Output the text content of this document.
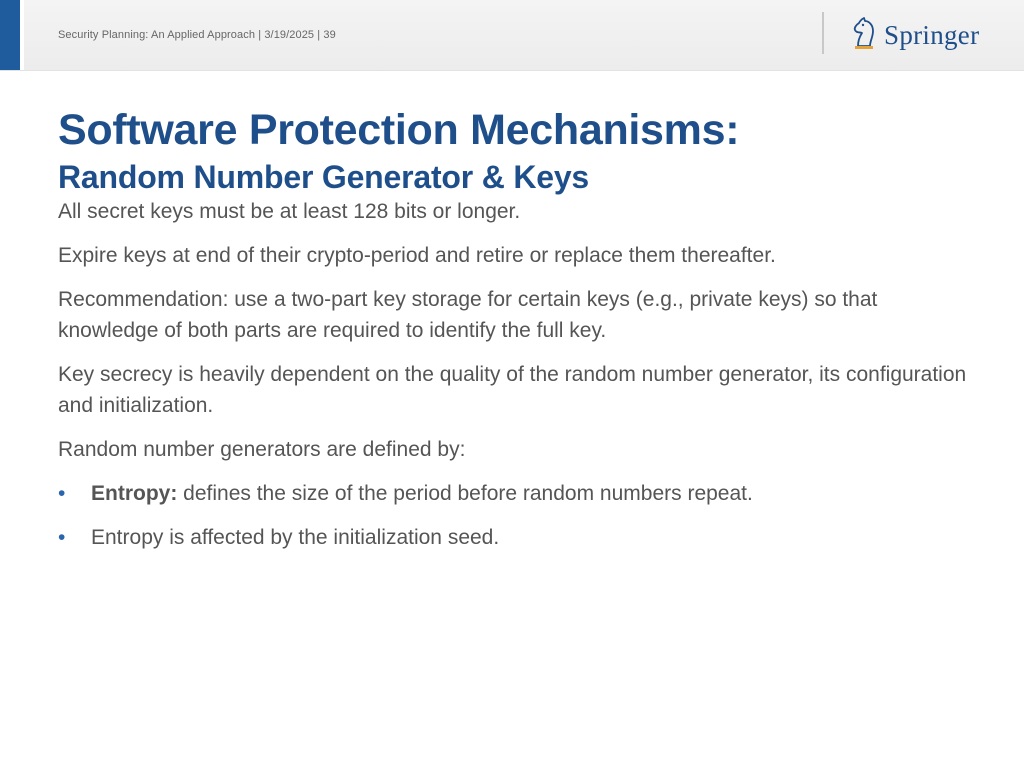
Security Planning: An Applied Approach | 3/19/2025 | 39	Springer
Software Protection Mechanisms:
Random Number Generator & Keys

All secret keys must be at least 128 bits or longer.

Expire keys at end of their crypto-period and retire or replace them thereafter.

Recommendation: use a two-part key storage for certain keys (e.g., private keys) so that knowledge of both parts are required to identify the full key.

Key secrecy is heavily dependent on the quality of the random number generator, its configuration and initialization.

Random number generators are defined by:

• Entropy: defines the size of the period before random numbers repeat.
• Entropy is affected by the initialization seed.
